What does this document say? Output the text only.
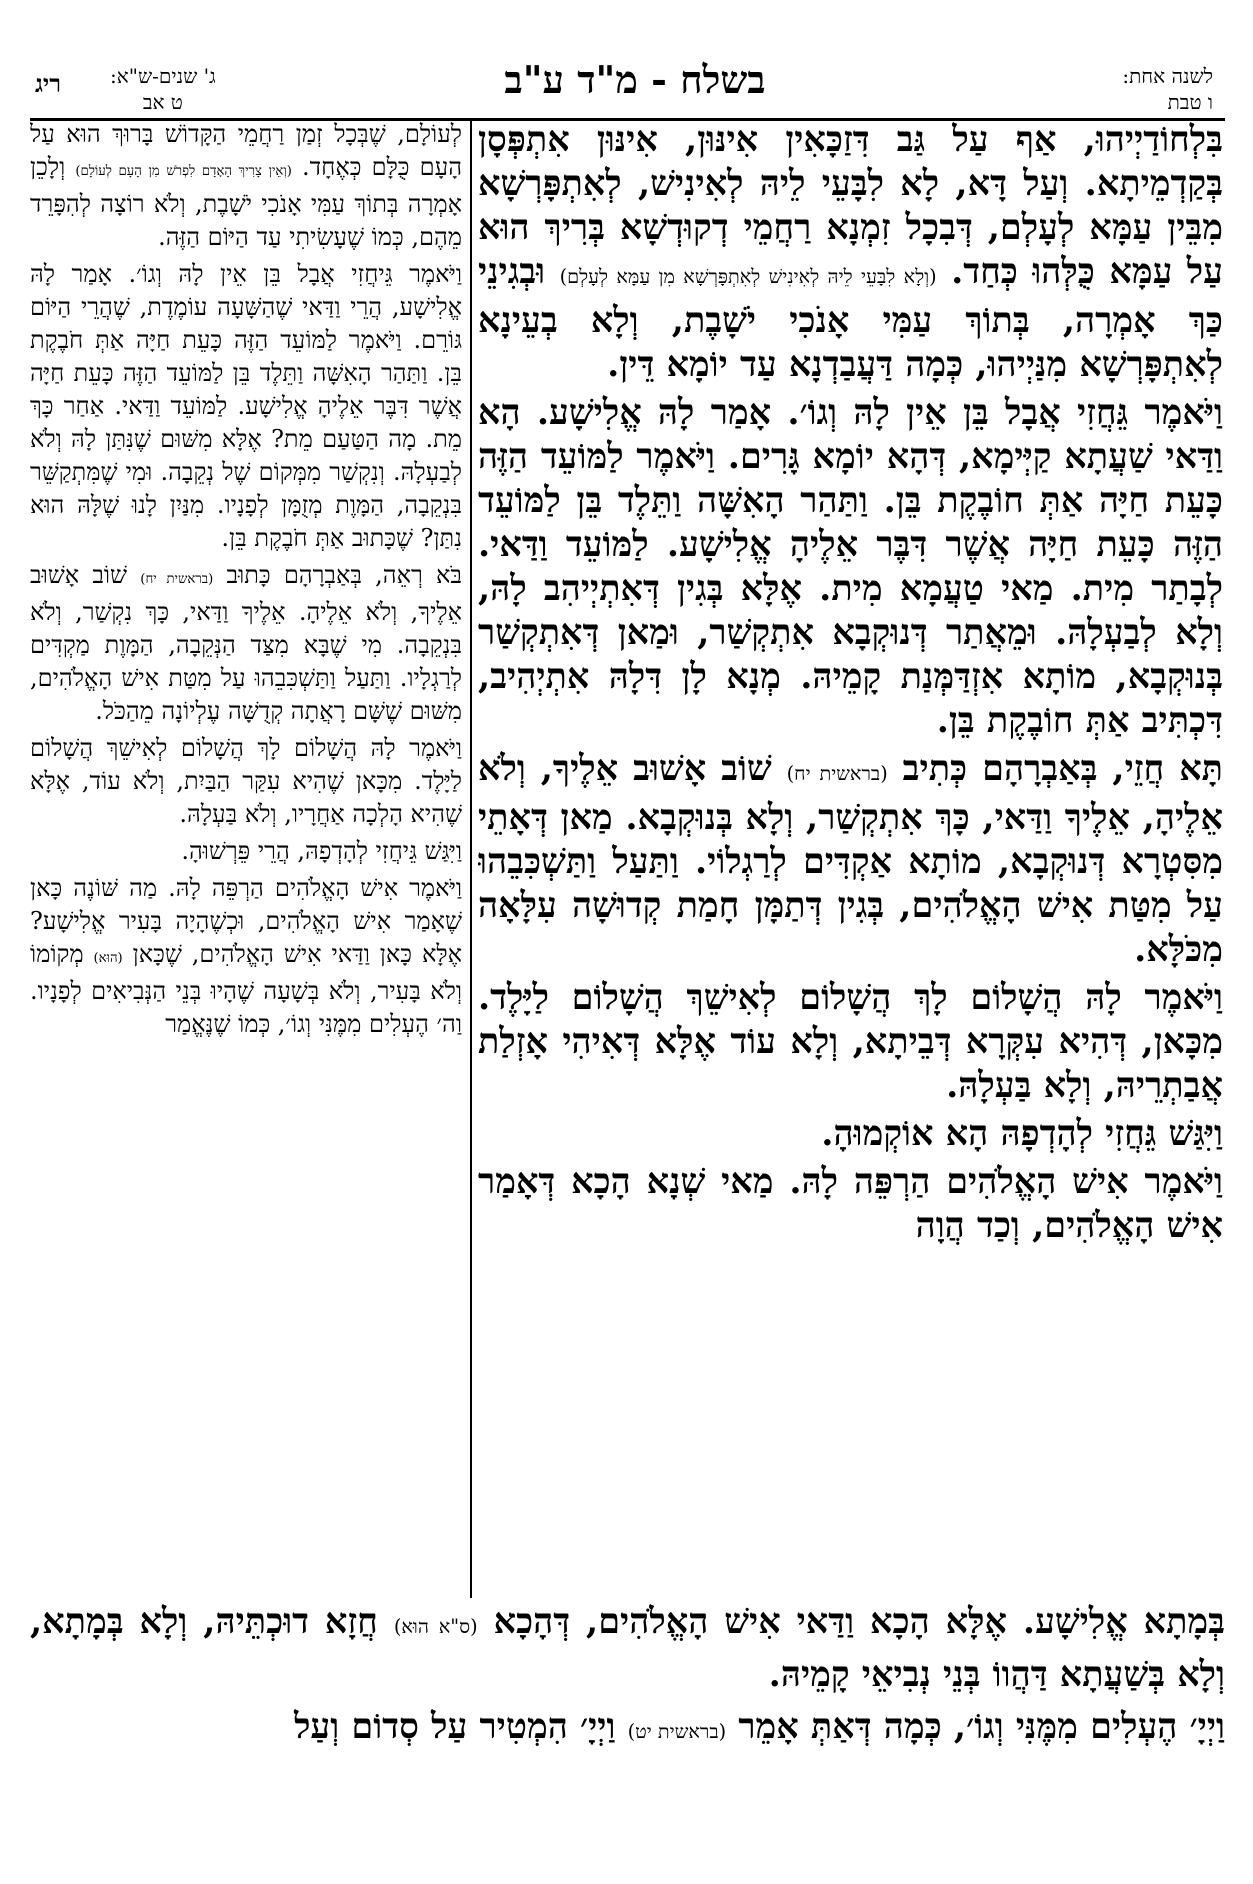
ריג ג' שנים-ש"א:
ט אב	בשלח - מ"ד ע"ב	לשנה אחת:
ו טבת

בִּלְחוֹדַיְיהוּ, אַף עַל גַּב דִּזַכָּאִין אִינּוּן, אִינּוּן אִתְפְּסָן בְּקַדְמֵיתָא. וְעַל דָּא, לָא לִבָּעֵי לֵיהּ לְאִינִישׁ, לְאִתְפָּרְשָׁא מִבֵּין עַמָּא לְעָלְם, דְּבִכָל זִמְנָא רַחֲמֵי דְקוּדְשָׁא בְּרִיךְ הוּא עַל עַמָּא כֻּלְּהוּ כְּחַד. (וְלָא לִבָּעֵי לֵיהּ לְאִינִישׁ לְאִתְפָּרְשָׁא מִן עַמָּא לְעָלְם) וּבְגִינֵי כַּךְ אָמְרָה, בְּתוֹךְ עַמִּי אָנֹכִי יֹשָׁבֶת, וְלָא בְעֵינָא לְאִתְפָּרְשָׁא מִנַּיְיהוּ, כְּמָה דַּעֲבַדְנָא עַד יוֹמָא דֵּין.

וַיֹּאמֶר גֵּחֲזִי אֲבָל בֵּן אֵין לָהּ וְגוֹ׳. אָמַר לָהּ אֱלִישָׁע. הָא וַדַּאי שַׁעֲתָא קַיְּימָא, דְּהָא יוֹמָא גָּרִים. וַיֹּאמֶר לַמּוֹעֵד הַזֶּה כָּעֵת חַיָּה אַתְּ חוֹבֶקֶת בֵּן. וַתַּהַר הָאִשָּׁה וַתֵּלֶד בֵּן לַמּוֹעֵד הַזֶּה כָּעֵת חַיָּה אֲשֶׁר דִּבֶּר אֵלֶיהָ אֱלִישָׁע. לַמּוֹעֵד וַדַּאי. לְבָתַר מִית. מַאי טַעֲמָא מִית. אֶלָּא בְּגִין דְּאִתְיְיהִב לָהּ, וְלָא לְבַעְלָהּ. וּמֵאֲתַר דְּנוּקְבָא אִתְקְשַׁר, וּמַאן דְּאִתְקְשַׁר בְּנוּקְבָא, מוֹתָא אִזְדַּמְּנַת קָמֵיהּ. מְנָא לָן דִּלָהּ אִתְיְהִיב, דִּכְתִּיב אַתְּ חוֹבֶקֶת בֵּן.

תָּא חֲזֵי, בְּאַבְרָהָם כְּתִיב (בראשית יח) שׁוֹב אָשׁוּב אֵלֶיךָ, וְלֹא אֵלֶיהָ, אֵלֶיךָ וַדַּאי, כָּךְ אִתְקְשַׁר, וְלָא בְּנוּקְבָא. מַאן דְּאָתֵי מִסִּטְרָא דְּנוּקְבָא, מוֹתָא אַקְדִּים לְרַגְלוֹי. וַתַּעַל וַתַּשְׁכִּבֵהוּ עַל מִטַּת אִישׁ הָאֱלֹהִים, בְּגִין דְּתַמָּן חָמַת קְדוּשָׁה עִלָּאָה מִכֹּלָּא.

וַיֹּאמֶר לָהּ הֲשָׁלוֹם לָךְ הֲשָׁלוֹם לְאִישֵׁךְ הֲשָׁלוֹם לַיָּלֶד. מִכָּאן, דְּהִיא עִקְּרָא דְּבֵיתָא, וְלָא עוֹד אֶלָּא דְּאִיהִי אָזְלַת אֲבַתְרֵיהּ, וְלָא בַּעְלָהּ.

וַיִּגַּשׁ גֵּחֲזִי לְהָדְפָהּ הָא אוֹקְמוּהָ.

וַיֹּאמֶר אִישׁ הָאֱלֹהִים הַרְפֵּה לָהּ. מַאי שְׁנָא הָכָא דְּאָמַר אִישׁ הָאֱלֹהִים, וְכַד הֲוָה

לְעוֹלָם, שֶׁבְּכָל זְמַן רַחֲמֵי הַקָּדוֹשׁ בָּרוּךְ הוּא עַל הָעָם כֻּלָּם כְּאֶחָד. (וְאֵין צָרִיךְ הָאָדָם לִפְרֹשׁ מִן הָעָם לְעוֹלָם) וְלָכֵן אָמְרָה בְּתוֹךְ עַמִּי אָנֹכִי יֹשָׁבֶת, וְלֹא רוֹצָה לְהִפָּרֵד מֵהֶם, כְּמוֹ שֶׁעָשִׂיתִי עַד הַיּוֹם הַזֶּה.

וַיֹּאמֶר גֵּיחֲזִי אֲבָל בֵּן אֵין לָהּ וְגוֹ׳. אָמַר לָהּ אֱלִישָׁע, הֲרֵי וַדַּאי שֶׁהַשָּׁעָה עוֹמֶדֶת, שֶׁהֲרֵי הַיּוֹם גּוֹרֵם. וַיֹּאמֶר לַמּוֹעֵד הַזֶּה כָּעֵת חַיָּה אַתְּ חֹבֶקֶת בֵּן. וַתַּהַר הָאִשָּׁה וַתֵּלֶד בֵּן לַמּוֹעֵד הַזֶּה כָּעֵת חַיָּה אֲשֶׁר דִּבֶּר אֵלֶיהָ אֱלִישָׁע. לַמּוֹעֵד וַדַּאי. אַחַר כָּךְ מֵת. מָה הַטַּעַם מֵת? אֶלָּא מִשּׁוּם שֶׁנִּתַּן לָהּ וְלֹא לְבַעְלָהּ. וְנִקְשַׁר מִמְּקוֹם שֶׁל נְקֵבָה. וּמִי שֶׁמִּתְקַשֵּׁר בִּנְקֵבָה, הַמָּוֶת מְזֻמָּן לְפָנָיו. מִנַּיִן לָנוּ שֶׁלָּהּ הוּא נִתַּן? שֶׁכָּתוּב אַתְּ חֹבֶקֶת בֵּן.

בֹּא רְאֵה, בְּאַבְרָהָם כָּתוּב (בראשית יח) שׁוֹב אָשׁוּב אֵלֶיךָ, וְלֹא אֵלֶיהָ. אֵלֶיךָ וַדַּאי, כָּךְ נִקְשַׁר, וְלֹא בִּנְקֵבָה. מִי שֶׁבָּא מִצַּד הַנְּקֵבָה, הַמָּוֶת מַקְדִּים לְרַגְלָיו. וַתַּעַל וַתַּשְׁכִּבֵהוּ עַל מִטַּת אִישׁ הָאֱלֹהִים, מִשּׁוּם שֶׁשָּׁם רָאֲתָה קְדֻשָּׁה עֶלְיוֹנָה מֵהַכֹּל.

וַיֹּאמֶר לָהּ הֲשָׁלוֹם לָךְ הֲשָׁלוֹם לְאִישֵׁךְ הֲשָׁלוֹם לַיָּלֶד. מִכָּאן שֶׁהִיא עִקַּר הַבַּיִת, וְלֹא עוֹד, אֶלָּא שֶׁהִיא הָלְכָה אַחֲרָיו, וְלֹא בַּעְלָהּ.

וַיִּגַּשׁ גֵּיחֲזִי לְהָדְפָהּ, הֲרֵי פֵּרְשׁוּהָ.

וַיֹּאמֶר אִישׁ הָאֱלֹהִים הַרְפֵּה לָהּ. מַה שּׁוֹנֶה כָּאן שֶׁאָמַר אִישׁ הָאֱלֹהִים, וּכְשֶׁהָיָה בָּעִיר אֱלִישָׁע? אֶלָּא כָּאן וַדַּאי אִישׁ הָאֱלֹהִים, שֶׁכָּאן (הוּא) מְקוֹמוֹ וְלֹא בָּעִיר, וְלֹא בְּשָׁעָה שֶׁהָיוּ בְּנֵי הַנְּבִיאִים לְפָנָיו. וַה׳ הֶעְלִים מִמֶּנִּי וְגוֹ׳, כְּמוֹ שֶׁנֶּאֱמַר

בְּמָתָא אֱלִישָׁע. אֶלָּא הָכָא וַדַּאי אִישׁ הָאֱלֹהִים, דְּהָכָא (ס"א הוּא) חֲזָא דוּכְתֵּיהּ, וְלָא בְּמָתָא, וְלָא בְּשַׁעֲתָא דַּהֲווֹ בְּנֵי נְבִיאֵי קָמֵיהּ.

וַיְיָ׳ הֶעְלִים מִמֶּנִּי וְגוֹ׳, כְּמָה דְּאַתְּ אָמֵר (בראשית יט) וַיְיָ׳ הִמְטִיר עַל סְדוֹם וְעַל
